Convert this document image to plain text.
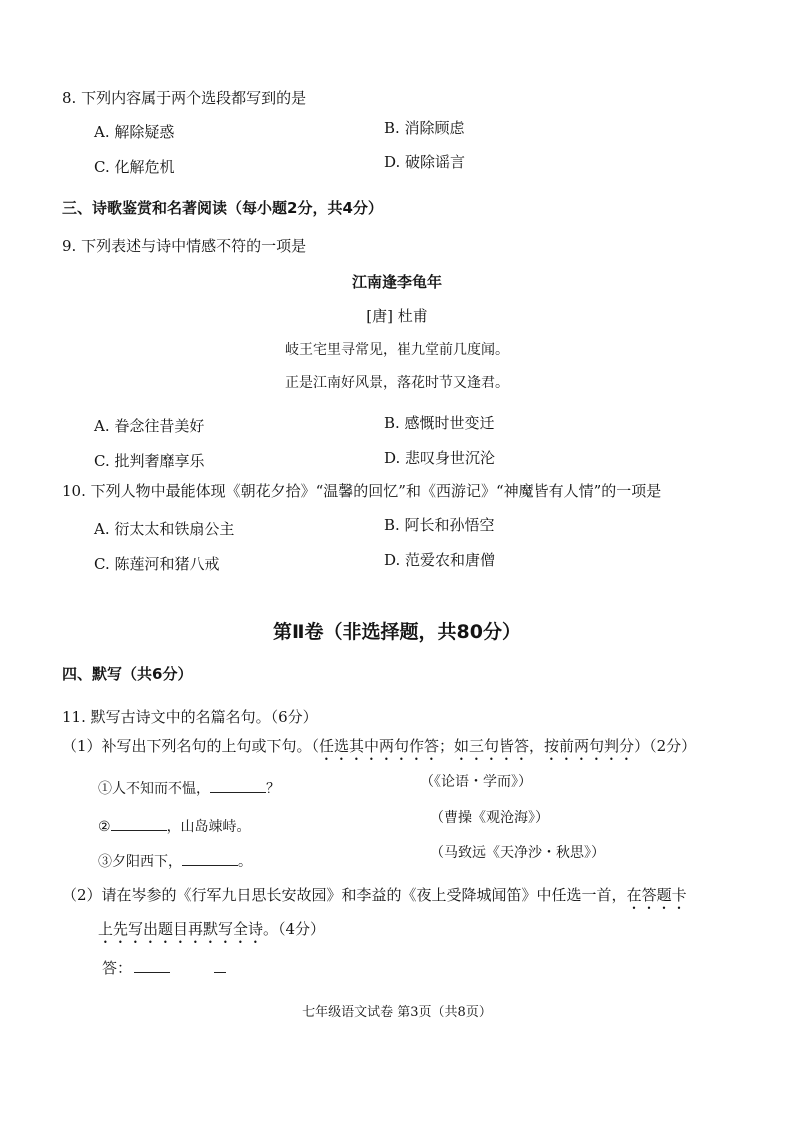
8. 下列内容属于两个选段都写到的是
A. 解除疑惑	B. 消除顾虑
C. 化解危机	D. 破除谣言
三、诗歌鉴赏和名著阅读（每小题2分，共4分）
9. 下列表述与诗中情感不符的一项是
江南逢李龟年
[唐] 杜甫
岐王宅里寻常见，崔九堂前几度闻。
正是江南好风景，落花时节又逢君。
A. 眷念往昔美好	B. 感慨时世变迁
C. 批判奢靡享乐	D. 悲叹身世沉沦
10. 下列人物中最能体现《朝花夕拾》“温馨的回忆”和《西游记》“神魔皆有人情”的一项是
A. 衍太太和铁扇公主	B. 阿长和孙悟空
C. 陈莲河和猪八戒	D. 范爱农和唐僧
第Ⅱ卷（非选择题，共80分）
四、默写（共6分）
11. 默写古诗文中的名篇名句。（6分）
（1）补写出下列名句的上句或下句。（任选其中两句作答；如三句皆答，按前两句判分）（2分）
①人不知而不愠，	？	（《论语・学而》）
②	，山岛竦峙。
（曹操《观沧海》）
③夕阳西下，	。
（马致远《天净沙・秋思》）
（2）请在岑参的《行军九日思长安故园》和李益的《夜上受降城闻笛》中任选一首，在答题卡
上先写出题目再默写全诗。（4分）
答：
七年级语文试卷 第3页（共8页）
